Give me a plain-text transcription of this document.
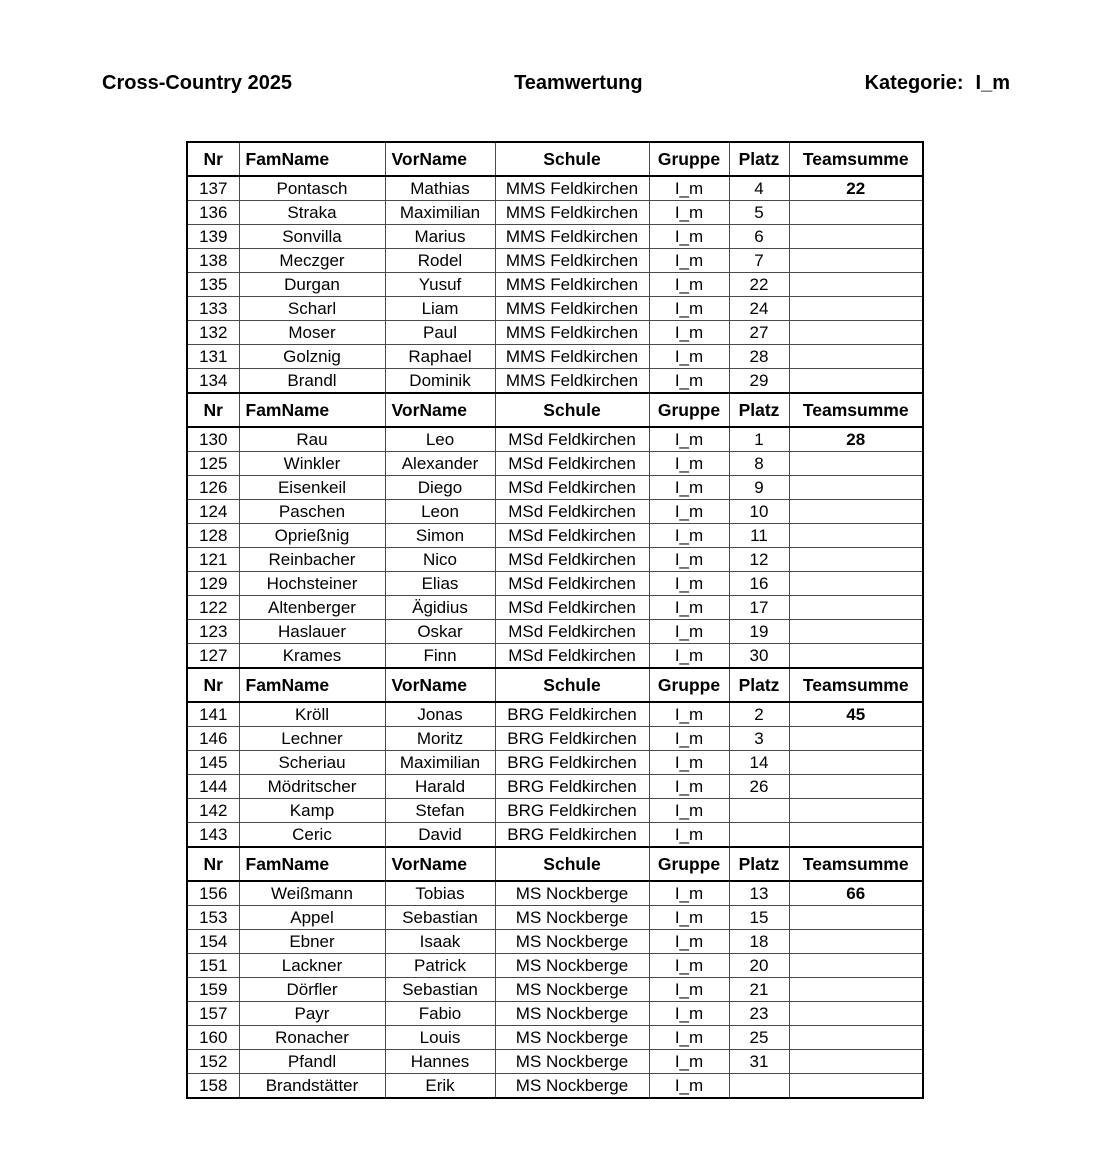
Cross-Country 2025	Teamwertung	Kategorie: I_m
Nr	FamName	VorName	Schule	Gruppe	Platz	Teamsumme
137	Pontasch	Mathias	MMS Feldkirchen	I_m	4	22
136	Straka	Maximilian	MMS Feldkirchen	I_m	5	
139	Sonvilla	Marius	MMS Feldkirchen	I_m	6	
138	Meczger	Rodel	MMS Feldkirchen	I_m	7	
135	Durgan	Yusuf	MMS Feldkirchen	I_m	22	
133	Scharl	Liam	MMS Feldkirchen	I_m	24	
132	Moser	Paul	MMS Feldkirchen	I_m	27	
131	Golznig	Raphael	MMS Feldkirchen	I_m	28	
134	Brandl	Dominik	MMS Feldkirchen	I_m	29	
Nr	FamName	VorName	Schule	Gruppe	Platz	Teamsumme
130	Rau	Leo	MSd Feldkirchen	I_m	1	28
125	Winkler	Alexander	MSd Feldkirchen	I_m	8	
126	Eisenkeil	Diego	MSd Feldkirchen	I_m	9	
124	Paschen	Leon	MSd Feldkirchen	I_m	10	
128	Oprießnig	Simon	MSd Feldkirchen	I_m	11	
121	Reinbacher	Nico	MSd Feldkirchen	I_m	12	
129	Hochsteiner	Elias	MSd Feldkirchen	I_m	16	
122	Altenberger	Ägidius	MSd Feldkirchen	I_m	17	
123	Haslauer	Oskar	MSd Feldkirchen	I_m	19	
127	Krames	Finn	MSd Feldkirchen	I_m	30	
Nr	FamName	VorName	Schule	Gruppe	Platz	Teamsumme
141	Kröll	Jonas	BRG Feldkirchen	I_m	2	45
146	Lechner	Moritz	BRG Feldkirchen	I_m	3	
145	Scheriau	Maximilian	BRG Feldkirchen	I_m	14	
144	Mödritscher	Harald	BRG Feldkirchen	I_m	26	
142	Kamp	Stefan	BRG Feldkirchen	I_m		
143	Ceric	David	BRG Feldkirchen	I_m		
Nr	FamName	VorName	Schule	Gruppe	Platz	Teamsumme
156	Weißmann	Tobias	MS Nockberge	I_m	13	66
153	Appel	Sebastian	MS Nockberge	I_m	15	
154	Ebner	Isaak	MS Nockberge	I_m	18	
151	Lackner	Patrick	MS Nockberge	I_m	20	
159	Dörfler	Sebastian	MS Nockberge	I_m	21	
157	Payr	Fabio	MS Nockberge	I_m	23	
160	Ronacher	Louis	MS Nockberge	I_m	25	
152	Pfandl	Hannes	MS Nockberge	I_m	31	
158	Brandstätter	Erik	MS Nockberge	I_m		
